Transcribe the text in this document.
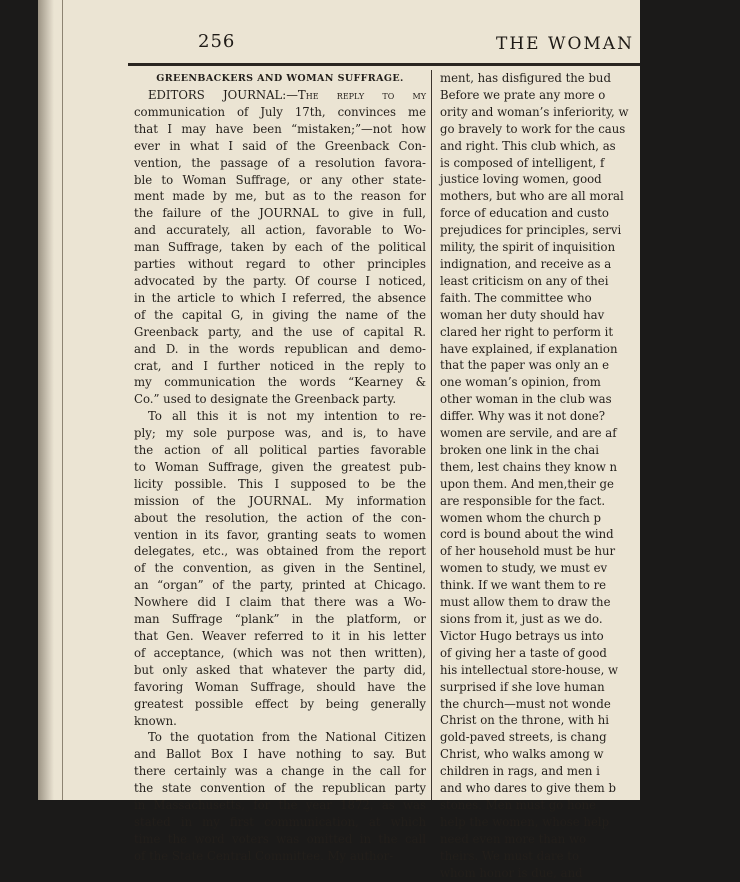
256	THE WOMAN

GREENBACKERS AND WOMAN SUFFRAGE.

EDITORS JOURNAL:—The reply to my
communication of July 17th, convinces me
that I may have been “mistaken;”—not how
ever in what I said of the Greenback Con-
vention, the passage of a resolution favora-
ble to Woman Suffrage, or any other state-
ment made by me, but as to the reason for
the failure of the JOURNAL to give in full,
and accurately, all action, favorable to Wo-
man Suffrage, taken by each of the political
parties without regard to other principles
advocated by the party. Of course I noticed,
in the article to which I referred, the absence
of the capital G, in giving the name of the
Greenback party, and the use of capital R.
and D. in the words republican and demo-
crat, and I further noticed in the reply to
my communication the words “Kearney &
Co.” used to designate the Greenback party.
To all this it is not my intention to re-
ply; my sole purpose was, and is, to have
the action of all political parties favorable
to Woman Suffrage, given the greatest pub-
licity possible. This I supposed to be the
mission of the JOURNAL. My information
about the resolution, the action of the con-
vention in its favor, granting seats to women
delegates, etc., was obtained from the report
of the convention, as given in the Sentinel,
an “organ” of the party, printed at Chicago.
Nowhere did I claim that there was a Wo-
man Suffrage “plank” in the platform, or
that Gen. Weaver referred to it in his letter
of acceptance, (which was not then written),
but only asked that whatever the party did,
favoring Woman Suffrage, should have the
greatest possible effect by being generally
known.
To the quotation from the National Citizen
and Ballot Box I have nothing to say. But
there certainly was a change in the call for
the state convention of the republican party
in Massachusetts, for the year 1872, as was
stated in my first communication, at which
time the word voters was omitted in the call
of the State Central Committee. My author-
ment, has disfigured the bud
Before we prate any more o
ority and woman’s inferiority, w
go bravely to work for the caus
and right. This club which, as
is composed of intelligent, f
justice loving women, good
mothers, but who are all moral
force of education and custo
prejudices for principles, servi
mility, the spirit of inquisition
indignation, and receive as a
least criticism on any of thei
faith. The committee who
woman her duty should hav
clared her right to perform it
have explained, if explanation
that the paper was only an e
one woman’s opinion, from
other woman in the club was
differ. Why was it not done?
women are servile, and are af
broken one link in the chai
them, lest chains they know n
upon them. And men,their ge
are responsible for the fact.
women whom the church p
cord is bound about the wind
of her household must be hur
women to study, we must ev
think. If we want them to re
must allow them to draw the
sions from it, just as we do.
Victor Hugo betrays us into
of giving her a taste of good
his intellectual store-house, w
surprised if she love human
the church—must not wonde
Christ on the throne, with hi
gold-paved streets, is chang
Christ, who walks among w
children in rags, and men i
and who dares to give them b
stones. Men must go hone
help the women, whose help
need even more than wo
theirs. We must dare to
whom honor is due, and
